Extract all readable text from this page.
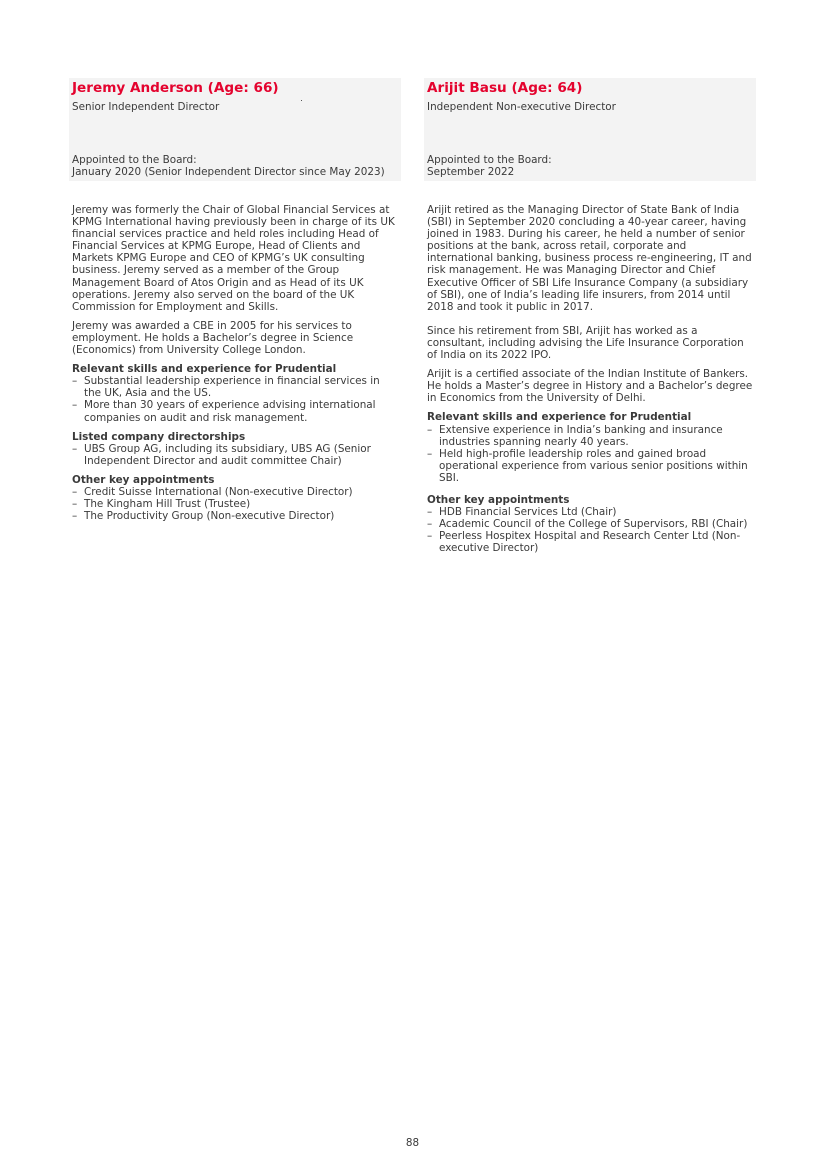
Jeremy Anderson (Age: 66)
Senior Independent Director
Appointed to the Board:
January 2020 (Senior Independent Director since May 2023)

Jeremy was formerly the Chair of Global Financial Services at KPMG International having previously been in charge of its UK financial services practice and held roles including Head of Financial Services at KPMG Europe, Head of Clients and Markets KPMG Europe and CEO of KPMG’s UK consulting business. Jeremy served as a member of the Group Management Board of Atos Origin and as Head of its UK operations. Jeremy also served on the board of the UK Commission for Employment and Skills.

Jeremy was awarded a CBE in 2005 for his services to employment. He holds a Bachelor’s degree in Science (Economics) from University College London.

Relevant skills and experience for Prudential

– Substantial leadership experience in financial services in the UK, Asia and the US.
– More than 30 years of experience advising international companies on audit and risk management.

Listed company directorships

– UBS Group AG, including its subsidiary, UBS AG (Senior Independent Director and audit committee Chair)

Other key appointments

– Credit Suisse International (Non-executive Director)
– The Kingham Hill Trust (Trustee)
– The Productivity Group (Non-executive Director)
Arijit Basu (Age: 64)
Independent Non-executive Director
Appointed to the Board:
September 2022

Arijit retired as the Managing Director of State Bank of India (SBI) in September 2020 concluding a 40-year career, having joined in 1983. During his career, he held a number of senior positions at the bank, across retail, corporate and international banking, business process re-engineering, IT and risk management. He was Managing Director and Chief Executive Officer of SBI Life Insurance Company (a subsidiary of SBI), one of India’s leading life insurers, from 2014 until 2018 and took it public in 2017.

Since his retirement from SBI, Arijit has worked as a consultant, including advising the Life Insurance Corporation of India on its 2022 IPO.

Arijit is a certified associate of the Indian Institute of Bankers. He holds a Master’s degree in History and a Bachelor’s degree in Economics from the University of Delhi.

Relevant skills and experience for Prudential

– Extensive experience in India’s banking and insurance industries spanning nearly 40 years.
– Held high-profile leadership roles and gained broad operational experience from various senior positions within SBI.

Other key appointments

– HDB Financial Services Ltd (Chair)
– Academic Council of the College of Supervisors, RBI (Chair)
– Peerless Hospitex Hospital and Research Center Ltd (Non-executive Director)
88
